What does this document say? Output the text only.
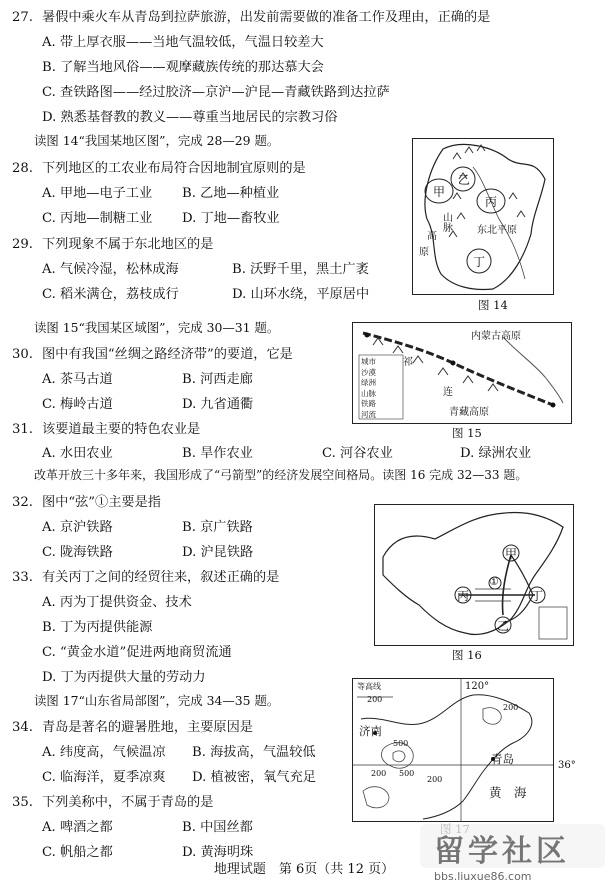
27. 暑假中乘火车从青岛到拉萨旅游，出发前需要做的准备工作及理由，正确的是
A. 带上厚衣服——当地气温较低，气温日较差大
B. 了解当地风俗——观摩藏族传统的那达慕大会
C. 查铁路图——经过胶济—京沪—沪昆—青藏铁路到达拉萨
D. 熟悉基督教的教义——尊重当地居民的宗教习俗
读图 14“我国某地区图”，完成 28—29 题。
28. 下列地区的工农业布局符合因地制宜原则的是
A. 甲地—电子工业 B. 乙地—种植业
C. 丙地—制糖工业 D. 丁地—畜牧业
29. 下列现象不属于东北地区的是
A. 气候冷湿，松林成海	B. 沃野千里，黑土广袤
C. 稻米满仓，荔枝成行	D. 山环水绕，平原居中
甲
乙
丙
丁
东北平原
山
脉
高
原
图 14
读图 15“我国某区域图”，完成 30—31 题。
30. 图中有我国“丝绸之路经济带”的要道，它是
A. 茶马古道	B. 河西走廊
C. 梅岭古道	D. 九省通衢
城市
沙漠
绿洲
山脉
铁路
河流
内蒙古高原
青藏高原
祁
连
图 15
31. 该要道最主要的特色农业是
A. 水田农业	B. 旱作农业	C. 河谷农业	D. 绿洲农业
改革开放三十多年来，我国形成了“弓箭型”的经济发展空间格局。读图 16 完成 32—33 题。
32. 图中“弦”①主要是指
A. 京沪铁路	B. 京广铁路
C. 陇海铁路	D. 沪昆铁路
33. 有关丙丁之间的经贸往来，叙述正确的是
A. 丙为丁提供资金、技术
B. 丁为丙提供能源
C. “黄金水道”促进两地商贸流通
D. 丁为丙提供大量的劳动力
甲
丙	丁
乙
①
图 16
读图 17“山东省局部图”，完成 34—35 题。
34. 青岛是著名的避暑胜地，主要原因是
A. 纬度高，气候温凉 B. 海拔高，气温较低
C. 临海洋，夏季凉爽 D. 植被密，氧气充足
35. 下列美称中，不属于青岛的是
A. 啤酒之都	B. 中国丝都
C. 帆船之都	D. 黄海明珠
等高线
200
120°
济南
青岛
黄　海
200
500
200 500
200
36°
留学社区
bbs.liuxue86.com
地理试题　第 6页（共 12 页）
